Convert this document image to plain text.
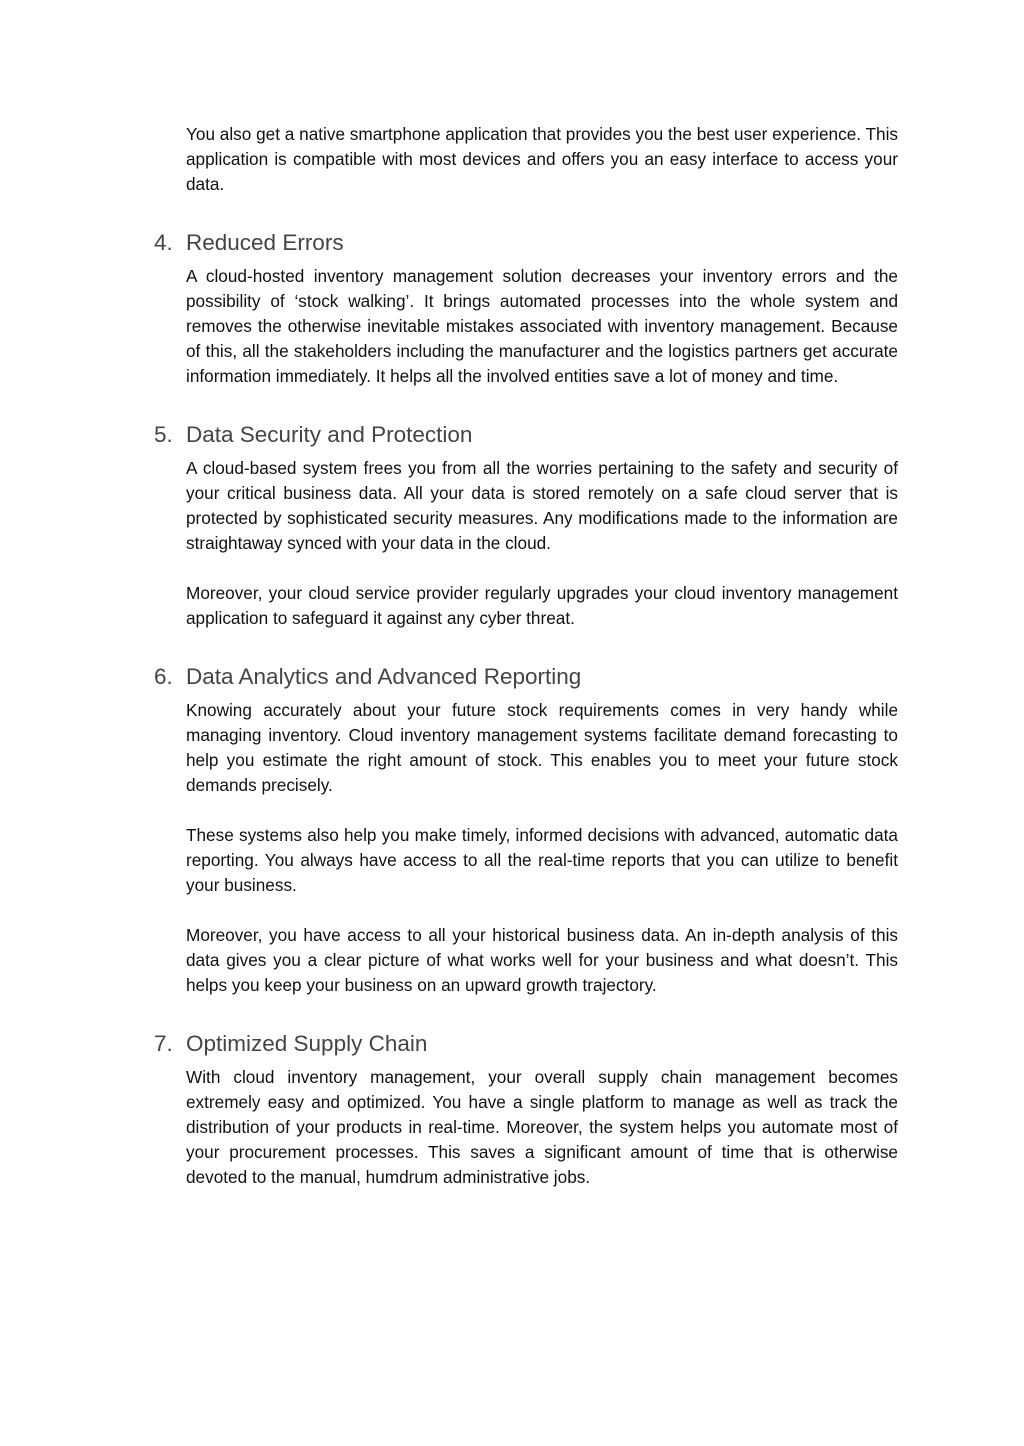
You also get a native smartphone application that provides you the best user experience. This application is compatible with most devices and offers you an easy interface to access your data.

4. Reduced Errors

A cloud-hosted inventory management solution decreases your inventory errors and the possibility of ‘stock walking’. It brings automated processes into the whole system and removes the otherwise inevitable mistakes associated with inventory management. Because of this, all the stakeholders including the manufacturer and the logistics partners get accurate information immediately. It helps all the involved entities save a lot of money and time.

5. Data Security and Protection

A cloud-based system frees you from all the worries pertaining to the safety and security of your critical business data. All your data is stored remotely on a safe cloud server that is protected by sophisticated security measures. Any modifications made to the information are straightaway synced with your data in the cloud.

Moreover, your cloud service provider regularly upgrades your cloud inventory management application to safeguard it against any cyber threat.

6. Data Analytics and Advanced Reporting

Knowing accurately about your future stock requirements comes in very handy while managing inventory. Cloud inventory management systems facilitate demand forecasting to help you estimate the right amount of stock. This enables you to meet your future stock demands precisely.

These systems also help you make timely, informed decisions with advanced, automatic data reporting. You always have access to all the real-time reports that you can utilize to benefit your business.

Moreover, you have access to all your historical business data. An in-depth analysis of this data gives you a clear picture of what works well for your business and what doesn’t. This helps you keep your business on an upward growth trajectory.

7. Optimized Supply Chain

With cloud inventory management, your overall supply chain management becomes extremely easy and optimized. You have a single platform to manage as well as track the distribution of your products in real-time. Moreover, the system helps you automate most of your procurement processes. This saves a significant amount of time that is otherwise devoted to the manual, humdrum administrative jobs.
